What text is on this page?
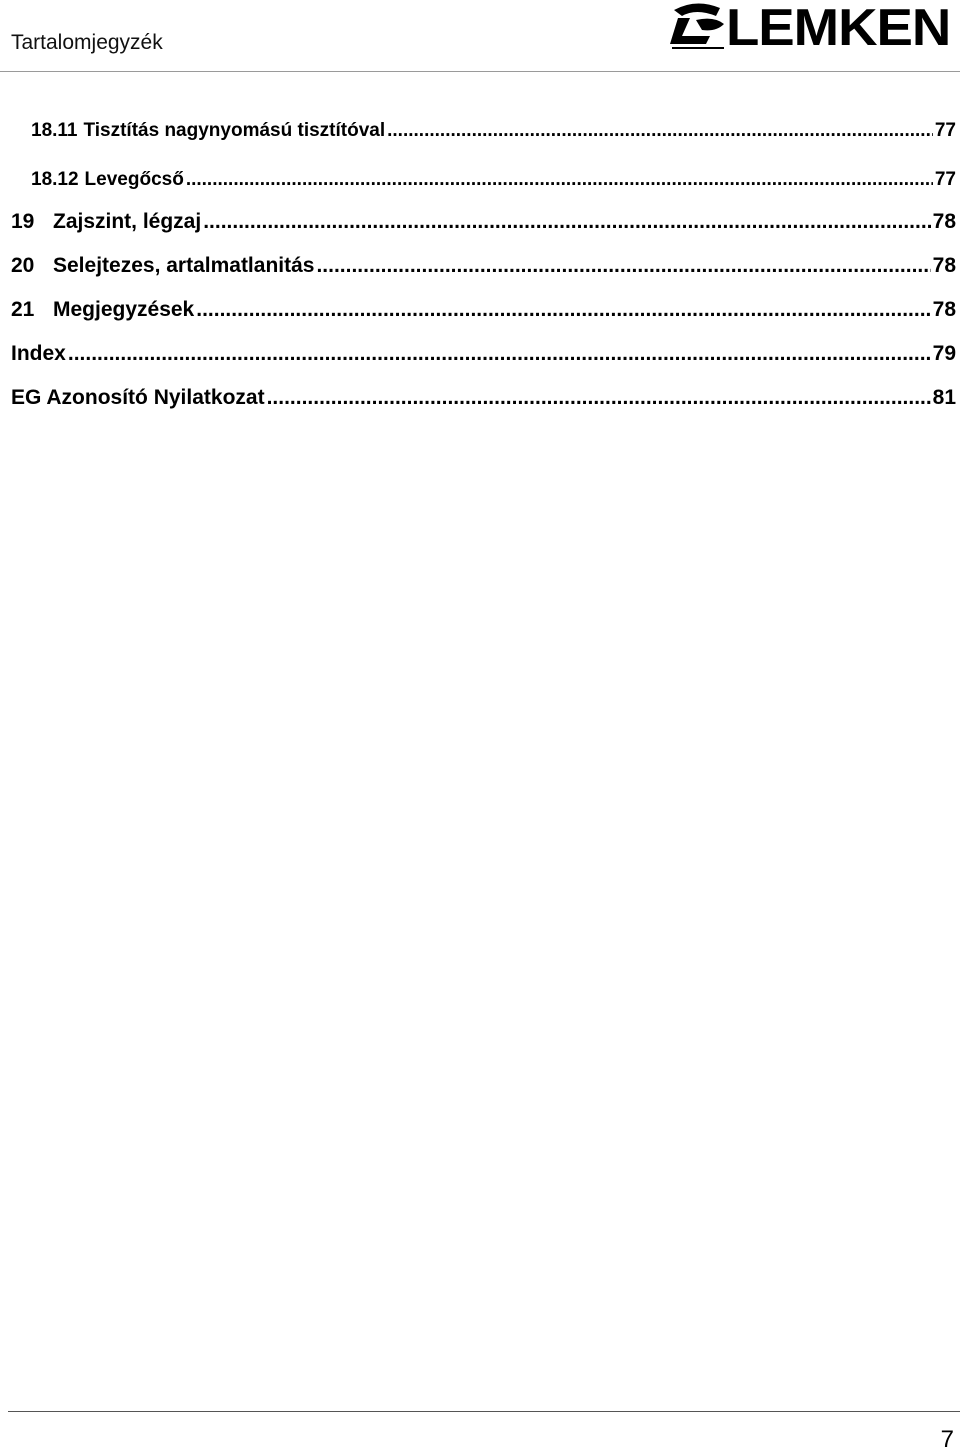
Tartalomjegyzék	LEMKEN
18.11 Tisztítás nagynyomású tisztítóval .....	77
18.12 Levegőcső .....	77
19 Zajszint, légzaj .....	78
20 Selejtezes, artalmatlanitás .....	78
21 Megjegyzések .....	78
Index .....	79
EG Azonosító Nyilatkozat .....	81
7
